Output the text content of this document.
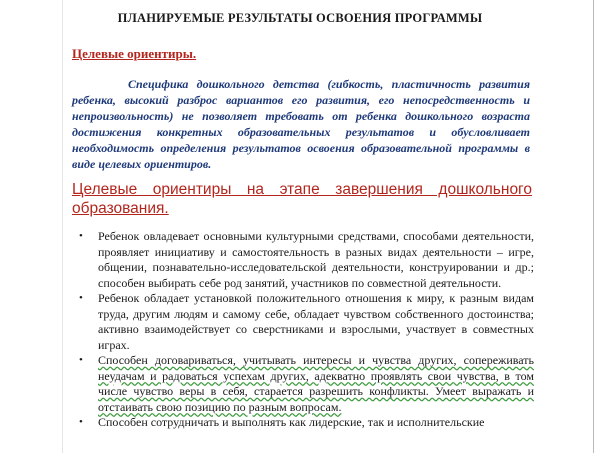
ПЛАНИРУЕМЫЕ РЕЗУЛЬТАТЫ ОСВОЕНИЯ ПРОГРАММЫ
Целевые ориентиры.
Специфика дошкольного детства (гибкость, пластичность развития ребенка, высокий разброс вариантов его развития, его непосредственность и непроизвольность) не позволяет требовать от ребенка дошкольного возраста достижения конкретных образовательных результатов и обусловливает необходимость определения результатов освоения образовательной программы в виде целевых ориентиров.
Целевые ориентиры на этапе завершения дошкольного образования.
• Ребенок овладевает основными культурными средствами, способами деятельности, проявляет инициативу и самостоятельность в разных видах деятельности – игре, общении, познавательно-исследовательской деятельности, конструировании и др.; способен выбирать себе род занятий, участников по совместной деятельности.
• Ребенок обладает установкой положительного отношения к миру, к разным видам труда, другим людям и самому себе, обладает чувством собственного достоинства; активно взаимодействует со сверстниками и взрослыми, участвует в совместных играх.
• Способен договариваться, учитывать интересы и чувства других, сопереживать неудачам и радоваться успехам других, адекватно проявлять свои чувства, в том числе чувство веры в себя, старается разрешить конфликты. Умеет выражать и отстаивать свою позицию по разным вопросам.
• Способен сотрудничать и выполнять как лидерские, так и исполнительские
